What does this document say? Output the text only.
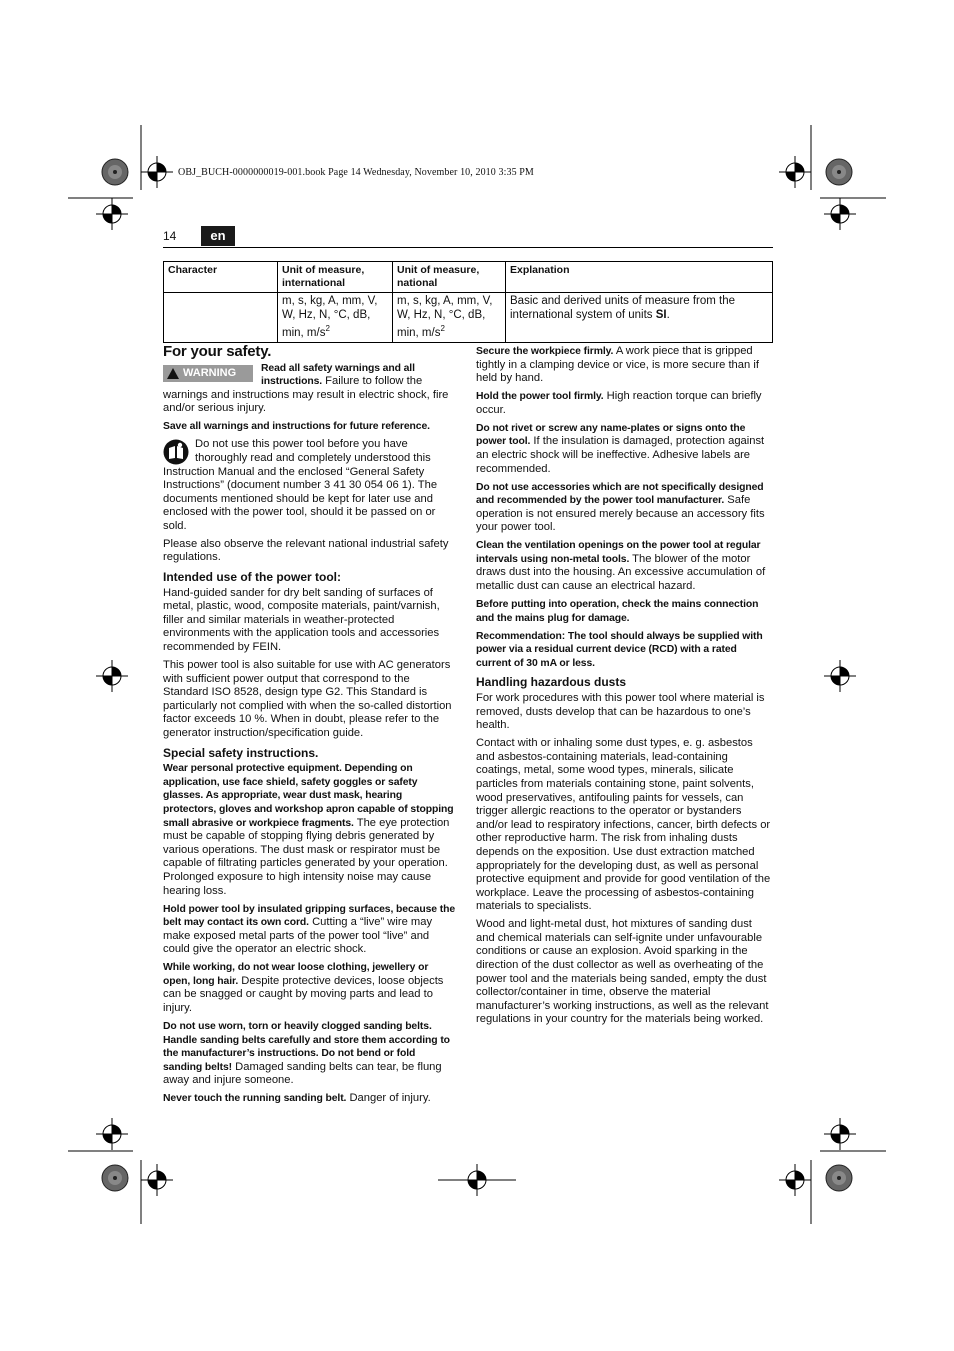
OBJ_BUCH-0000000019-001.book Page 14 Wednesday, November 10, 2010 3:35 PM
14	en
Character	Unit of measure, international	Unit of measure, national	Explanation
	m, s, kg, A, mm, V, W, Hz, N, °C, dB, min, $m/s^2$	m, s, kg, A, mm, V, W, Hz, N, °C, dB, min, $m/s^2$	Basic and derived units of measure from the international system of units SI.
For your safety.

WARNING Read all safety warnings and all instructions. Failure to follow the warnings and instructions may result in electric shock, fire and/or serious injury.

Save all warnings and instructions for future reference.

Do not use this power tool before you have thoroughly read and completely understood this Instruction Manual and the enclosed “General Safety Instructions” (document number 3 41 30 054 06 1). The documents mentioned should be kept for later use and enclosed with the power tool, should it be passed on or sold.

Please also observe the relevant national industrial safety regulations.

Intended use of the power tool:

Hand-guided sander for dry belt sanding of surfaces of metal, plastic, wood, composite materials, paint/varnish, filler and similar materials in weather-protected environments with the application tools and accessories recommended by FEIN.

This power tool is also suitable for use with AC generators with sufficient power output that correspond to the Standard ISO 8528, design type G2. This Standard is particularly not complied with when the so-called distortion factor exceeds 10 %. When in doubt, please refer to the generator instruction/specification guide.

Special safety instructions.

Wear personal protective equipment. Depending on application, use face shield, safety goggles or safety glasses. As appropriate, wear dust mask, hearing protectors, gloves and workshop apron capable of stopping small abrasive or workpiece fragments. The eye protection must be capable of stopping flying debris generated by various operations. The dust mask or respirator must be capable of filtrating particles generated by your operation. Prolonged exposure to high intensity noise may cause hearing loss.

Hold power tool by insulated gripping surfaces, because the belt may contact its own cord. Cutting a “live” wire may make exposed metal parts of the power tool “live” and could give the operator an electric shock.

While working, do not wear loose clothing, jewellery or open, long hair. Despite protective devices, loose objects can be snagged or caught by moving parts and lead to injury.

Do not use worn, torn or heavily clogged sanding belts. Handle sanding belts carefully and store them according to the manufacturer’s instructions. Do not bend or fold sanding belts! Damaged sanding belts can tear, be flung away and injure someone.

Never touch the running sanding belt. Danger of injury.

Secure the workpiece firmly. A work piece that is gripped tightly in a clamping device or vice, is more secure than if held by hand.

Hold the power tool firmly. High reaction torque can briefly occur.

Do not rivet or screw any name-plates or signs onto the power tool. If the insulation is damaged, protection against an electric shock will be ineffective. Adhesive labels are recommended.

Do not use accessories which are not specifically designed and recommended by the power tool manufacturer. Safe operation is not ensured merely because an accessory fits your power tool.

Clean the ventilation openings on the power tool at regular intervals using non-metal tools. The blower of the motor draws dust into the housing. An excessive accumulation of metallic dust can cause an electrical hazard.

Before putting into operation, check the mains connection and the mains plug for damage.

Recommendation: The tool should always be supplied with power via a residual current device (RCD) with a rated current of 30 mA or less.

Handling hazardous dusts

For work procedures with this power tool where material is removed, dusts develop that can be hazardous to one’s health.

Contact with or inhaling some dust types, e. g. asbestos and asbestos-containing materials, lead-containing coatings, metal, some wood types, minerals, silicate particles from materials containing stone, paint solvents, wood preservatives, antifouling paints for vessels, can trigger allergic reactions to the operator or bystanders and/or lead to respiratory infections, cancer, birth defects or other reproductive harm. The risk from inhaling dusts depends on the exposition. Use dust extraction matched appropriately for the developing dust, as well as personal protective equipment and provide for good ventilation of the workplace. Leave the processing of asbestos-containing materials to specialists.

Wood and light-metal dust, hot mixtures of sanding dust and chemical materials can self-ignite under unfavourable conditions or cause an explosion. Avoid sparking in the direction of the dust collector as well as overheating of the power tool and the materials being sanded, empty the dust collector/container in time, observe the material manufacturer’s working instructions, as well as the relevant regulations in your country for the materials being worked.
